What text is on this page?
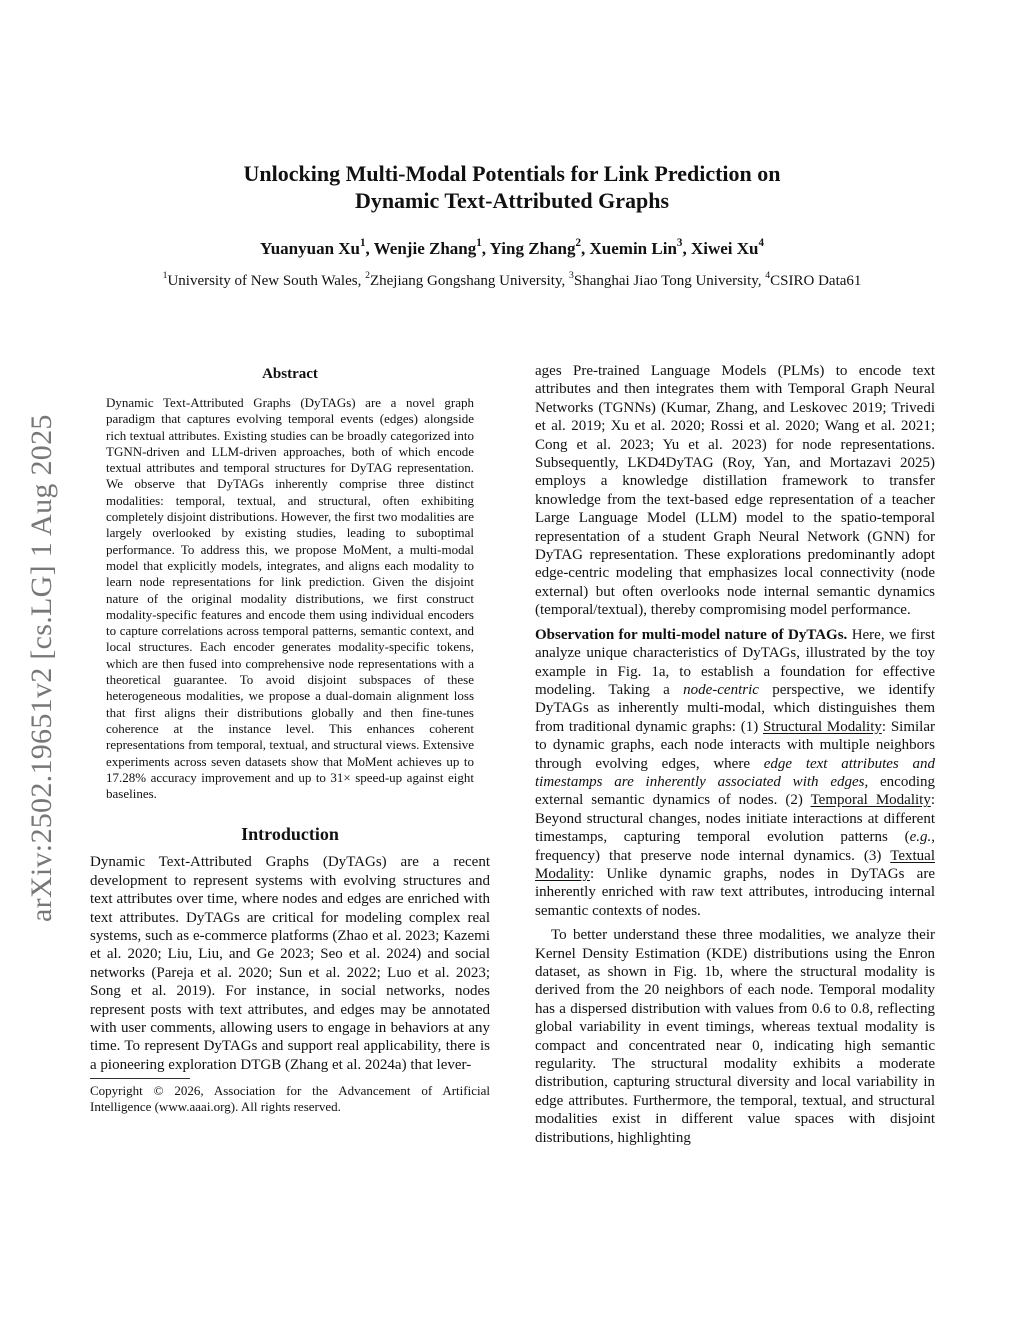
arXiv:2502.19651v2 [cs.LG] 1 Aug 2025
Unlocking Multi-Modal Potentials for Link Prediction on
Dynamic Text-Attributed Graphs
Yuanyuan Xu$^1$, Wenjie Zhang$^1$, Ying Zhang$^2$, Xuemin Lin$^3$, Xiwei Xu$^4$
$^1$University of New South Wales, $^2$Zhejiang Gongshang University, $^3$Shanghai Jiao Tong University, $^4$CSIRO Data61
Abstract
Dynamic Text-Attributed Graphs (DyTAGs) are a novel graph paradigm that captures evolving temporal events (edges) alongside rich textual attributes. Existing studies can be broadly categorized into TGNN-driven and LLM-driven approaches, both of which encode textual attributes and temporal structures for DyTAG representation. We observe that DyTAGs inherently comprise three distinct modalities: temporal, textual, and structural, often exhibiting completely disjoint distributions. However, the first two modalities are largely overlooked by existing studies, leading to suboptimal performance. To address this, we propose MoMent, a multi-modal model that explicitly models, integrates, and aligns each modality to learn node representations for link prediction. Given the disjoint nature of the original modality distributions, we first construct modality-specific features and encode them using individual encoders to capture correlations across temporal patterns, semantic context, and local structures. Each encoder generates modality-specific tokens, which are then fused into comprehensive node representations with a theoretical guarantee. To avoid disjoint subspaces of these heterogeneous modalities, we propose a dual-domain alignment loss that first aligns their distributions globally and then fine-tunes coherence at the instance level. This enhances coherent representations from temporal, textual, and structural views. Extensive experiments across seven datasets show that MoMent achieves up to 17.28% accuracy improvement and up to 31× speed-up against eight baselines.
Introduction

Dynamic Text-Attributed Graphs (DyTAGs) are a recent development to represent systems with evolving structures and text attributes over time, where nodes and edges are enriched with text attributes. DyTAGs are critical for modeling complex real systems, such as e-commerce platforms (Zhao et al. 2023; Kazemi et al. 2020; Liu, Liu, and Ge 2023; Seo et al. 2024) and social networks (Pareja et al. 2020; Sun et al. 2022; Luo et al. 2023; Song et al. 2019). For instance, in social networks, nodes represent posts with text attributes, and edges may be annotated with user comments, allowing users to engage in behaviors at any time. To represent DyTAGs and support real applicability, there is a pioneering exploration DTGB (Zhang et al. 2024a) that lever-

Copyright © 2026, Association for the Advancement of Artificial Intelligence (www.aaai.org). All rights reserved.

ages Pre-trained Language Models (PLMs) to encode text attributes and then integrates them with Temporal Graph Neural Networks (TGNNs) (Kumar, Zhang, and Leskovec 2019; Trivedi et al. 2019; Xu et al. 2020; Rossi et al. 2020; Wang et al. 2021; Cong et al. 2023; Yu et al. 2023) for node representations. Subsequently, LKD4DyTAG (Roy, Yan, and Mortazavi 2025) employs a knowledge distillation framework to transfer knowledge from the text-based edge representation of a teacher Large Language Model (LLM) model to the spatio-temporal representation of a student Graph Neural Network (GNN) for DyTAG representation. These explorations predominantly adopt edge-centric modeling that emphasizes local connectivity (node external) but often overlooks node internal semantic dynamics (temporal/textual), thereby compromising model performance.

Observation for multi-model nature of DyTAGs. Here, we first analyze unique characteristics of DyTAGs, illustrated by the toy example in Fig. 1a, to establish a foundation for effective modeling. Taking a node-centric perspective, we identify DyTAGs as inherently multi-modal, which distinguishes them from traditional dynamic graphs: (1) Structural Modality: Similar to dynamic graphs, each node interacts with multiple neighbors through evolving edges, where edge text attributes and timestamps are inherently associated with edges, encoding external semantic dynamics of nodes. (2) Temporal Modality: Beyond structural changes, nodes initiate interactions at different timestamps, capturing temporal evolution patterns (e.g., frequency) that preserve node internal dynamics. (3) Textual Modality: Unlike dynamic graphs, nodes in DyTAGs are inherently enriched with raw text attributes, introducing internal semantic contexts of nodes.

To better understand these three modalities, we analyze their Kernel Density Estimation (KDE) distributions using the Enron dataset, as shown in Fig. 1b, where the structural modality is derived from the 20 neighbors of each node. Temporal modality has a dispersed distribution with values from 0.6 to 0.8, reflecting global variability in event timings, whereas textual modality is compact and concentrated near 0, indicating high semantic regularity. The structural modality exhibits a moderate distribution, capturing structural diversity and local variability in edge attributes. Furthermore, the temporal, textual, and structural modalities exist in different value spaces with disjoint distributions, highlighting
